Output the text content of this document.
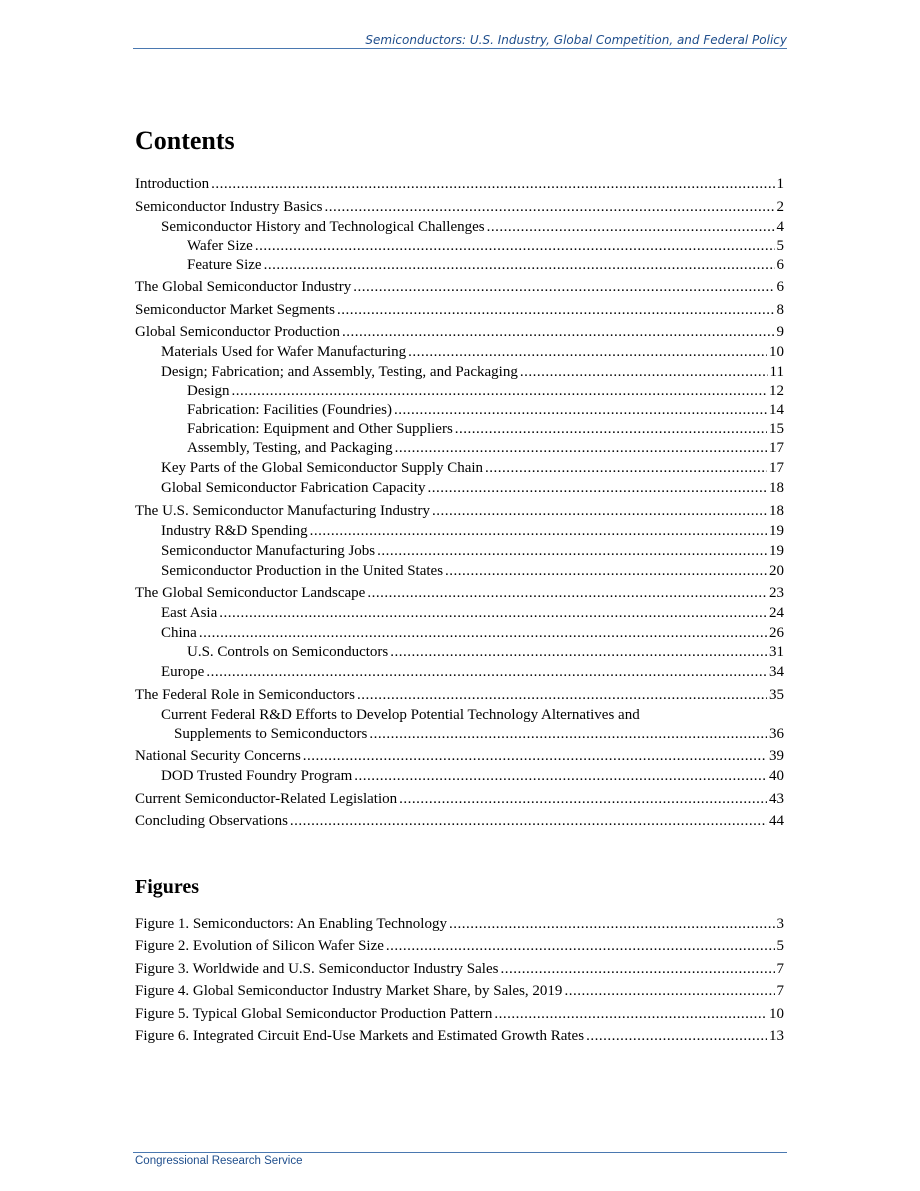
Semiconductors: U.S. Industry, Global Competition, and Federal Policy
Contents
Introduction .....	1
Semiconductor Industry Basics .....	2
Semiconductor History and Technological Challenges .....	4
Wafer Size .....	5
Feature Size .....	6
The Global Semiconductor Industry .....	6
Semiconductor Market Segments .....	8
Global Semiconductor Production .....	9
Materials Used for Wafer Manufacturing .....	10
Design; Fabrication; and Assembly, Testing, and Packaging .....	11
Design .....	12
Fabrication: Facilities (Foundries) .....	14
Fabrication: Equipment and Other Suppliers .....	15
Assembly, Testing, and Packaging .....	17
Key Parts of the Global Semiconductor Supply Chain .....	17
Global Semiconductor Fabrication Capacity .....	18
The U.S. Semiconductor Manufacturing Industry .....	18
Industry R&D Spending .....	19
Semiconductor Manufacturing Jobs .....	19
Semiconductor Production in the United States .....	20
The Global Semiconductor Landscape .....	23
East Asia .....	24
China .....	26
U.S. Controls on Semiconductors .....	31
Europe .....	34
The Federal Role in Semiconductors .....	35
Current Federal R&D Efforts to Develop Potential Technology Alternatives and
Supplements to Semiconductors .....	36
National Security Concerns .....	39
DOD Trusted Foundry Program .....	40
Current Semiconductor-Related Legislation .....	43
Concluding Observations .....	44
Figures
Figure 1. Semiconductors: An Enabling Technology .....	3
Figure 2. Evolution of Silicon Wafer Size .....	5
Figure 3. Worldwide and U.S. Semiconductor Industry Sales .....	7
Figure 4. Global Semiconductor Industry Market Share, by Sales, 2019 .....	7
Figure 5. Typical Global Semiconductor Production Pattern .....	10
Figure 6. Integrated Circuit End-Use Markets and Estimated Growth Rates .....	13
Congressional Research Service
